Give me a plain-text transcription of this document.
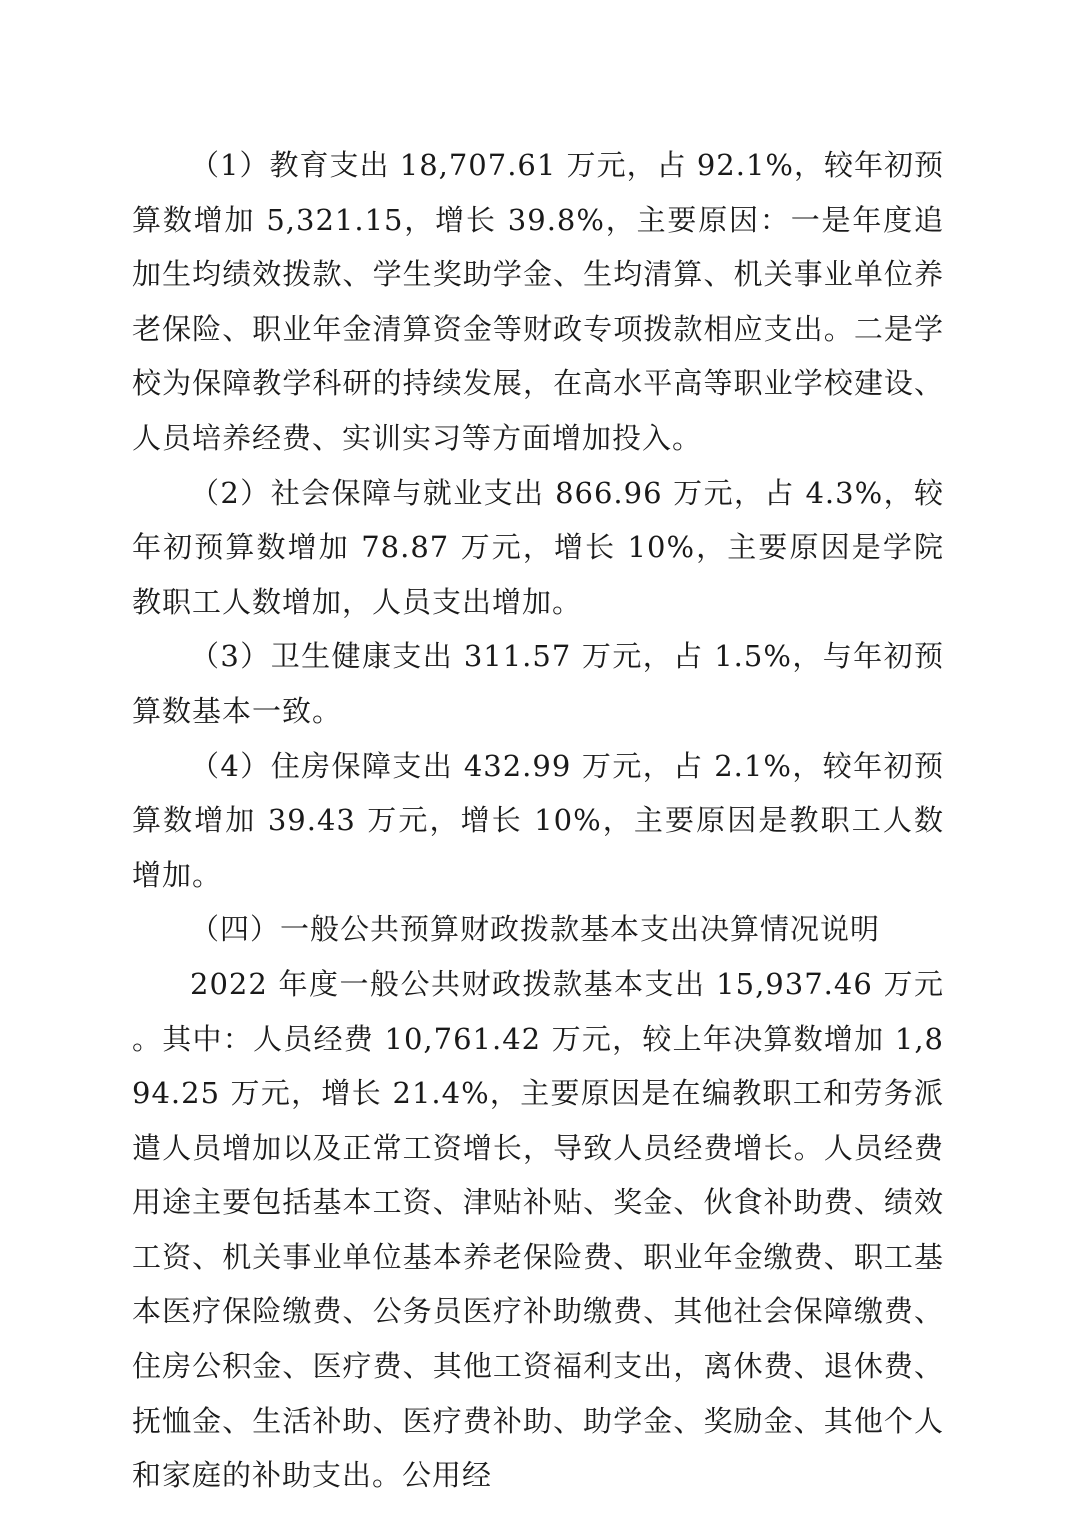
（1）教育支出 18,707.61 万元，占 92.1%，较年初预算数增加 5,321.15，增长 39.8%，主要原因：一是年度追加生均绩效拨款、学生奖助学金、生均清算、机关事业单位养老保险、职业年金清算资金等财政专项拨款相应支出。二是学校为保障教学科研的持续发展，在高水平高等职业学校建设、人员培养经费、实训实习等方面增加投入。

（2）社会保障与就业支出 866.96 万元，占 4.3%，较年初预算数增加 78.87 万元，增长 10%，主要原因是学院教职工人数增加，人员支出增加。

（3）卫生健康支出 311.57 万元，占 1.5%，与年初预算数基本一致。

（4）住房保障支出 432.99 万元，占 2.1%，较年初预算数增加 39.43 万元，增长 10%，主要原因是教职工人数增加。

（四）一般公共预算财政拨款基本支出决算情况说明

2022 年度一般公共财政拨款基本支出 15,937.46 万元。其中：人员经费 10,761.42 万元，较上年决算数增加 1,894.25 万元，增长 21.4%，主要原因是在编教职工和劳务派遣人员增加以及正常工资增长，导致人员经费增长。人员经费用途主要包括基本工资、津贴补贴、奖金、伙食补助费、绩效工资、机关事业单位基本养老保险费、职业年金缴费、职工基本医疗保险缴费、公务员医疗补助缴费、其他社会保障缴费、住房公积金、医疗费、其他工资福利支出，离休费、退休费、抚恤金、生活补助、医疗费补助、助学金、奖励金、其他个人和家庭的补助支出。公用经
